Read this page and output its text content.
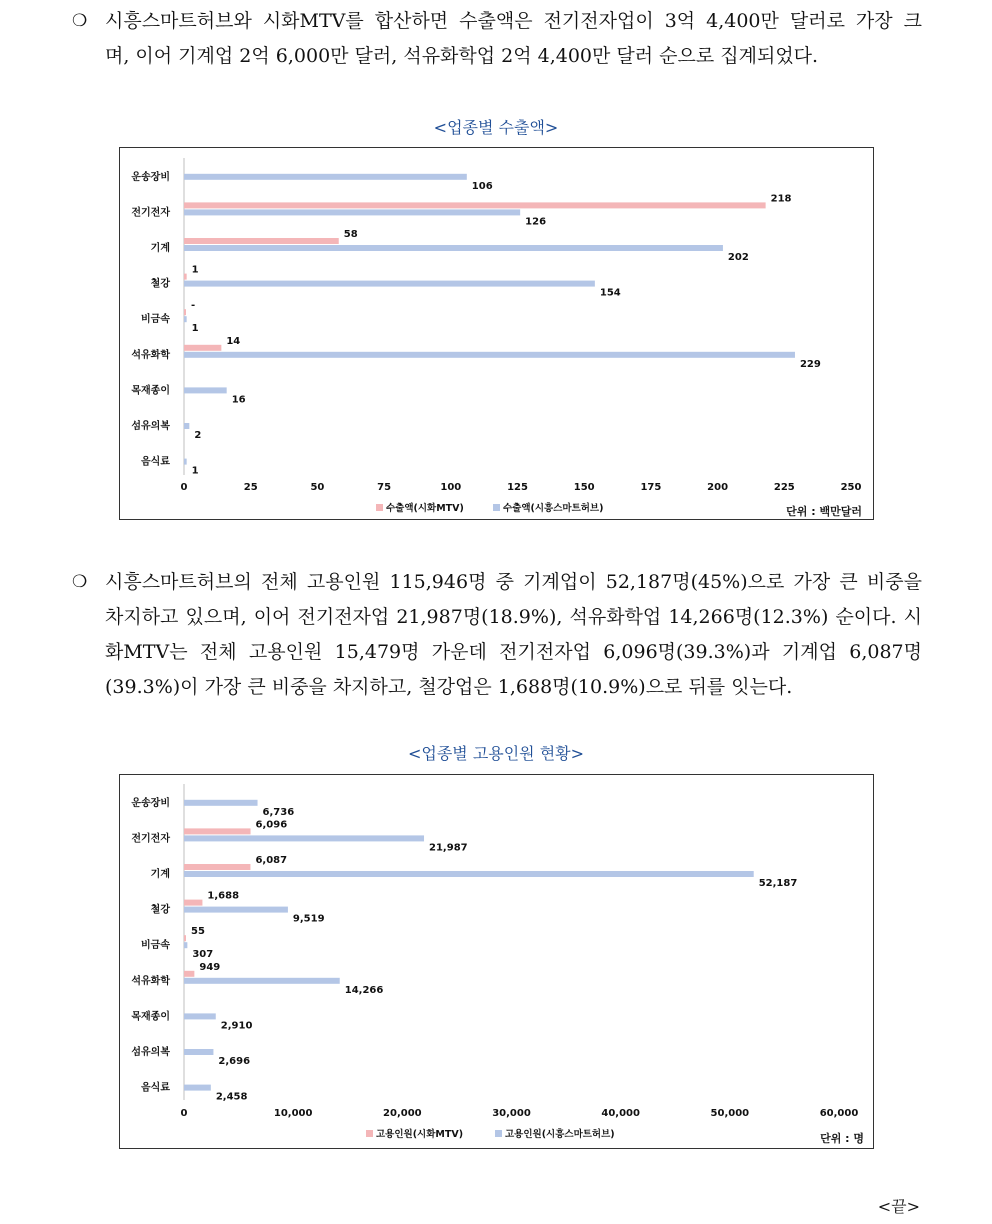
❍ 시흥스마트허브와 시화MTV를 합산하면 수출액은 전기전자업이 3억 4,400만 달러로 가장 크
며, 이어 기계업 2억 6,000만 달러, 석유화학업 2억 4,400만 달러 순으로 집계되었다.
<업종별 수출액>
운송장비
106
전기전자
218
126
기계
58
202
철강
1
154
비금속
-
1
석유화학
14
229
목재종이
16
섬유의복
2
음식료
1
0	25	50	75	100	125	150	175	200	225	250
수출액(시화MTV)	수출액(시흥스마트허브)	단위 : 백만달러
❍ 시흥스마트허브의 전체 고용인원 115,946명 중 기계업이 52,187명(45%)으로 가장 큰 비중을
차지하고 있으며, 이어 전기전자업 21,987명(18.9%), 석유화학업 14,266명(12.3%) 순이다. 시
화MTV는 전체 고용인원 15,479명 가운데 전기전자업 6,096명(39.3%)과 기계업 6,087명
(39.3%)이 가장 큰 비중을 차지하고, 철강업은 1,688명(10.9%)으로 뒤를 잇는다.
<업종별 고용인원 현황>
운송장비
6,736
전기전자
6,096
21,987
기계
6,087
52,187
철강
1,688
9,519
비금속
55
307
석유화학
949
14,266
목재종이
2,910
섬유의복
2,696
음식료
2,458
0	10,000	20,000	30,000	40,000	50,000	60,000
고용인원(시화MTV)	고용인원(시흥스마트허브)	단위 : 명
<끝>
